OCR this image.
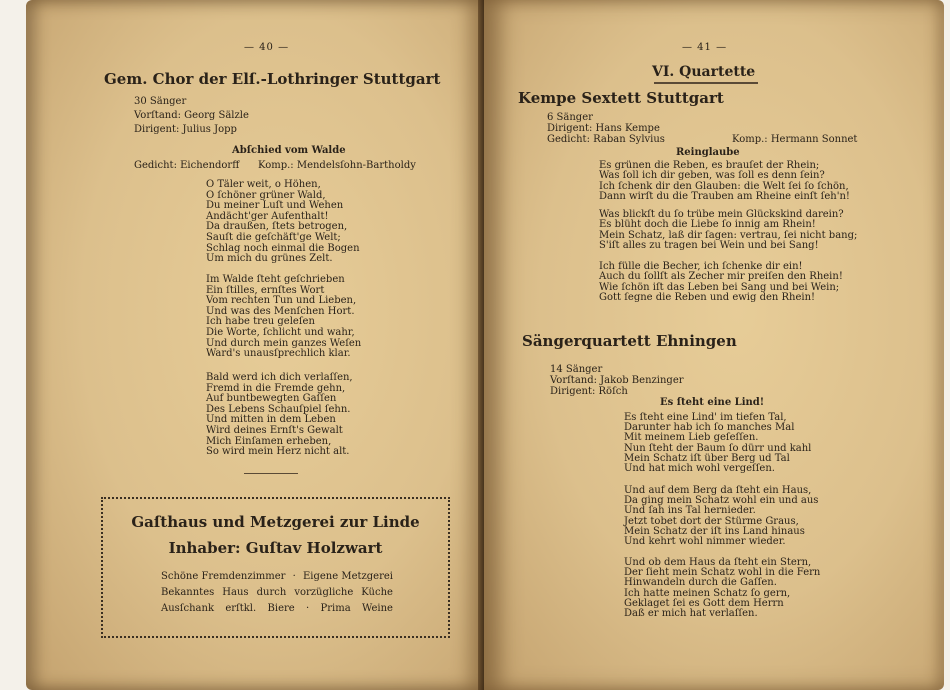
— 40 —
Gem. Chor der Elſ.-Lothringer Stuttgart
30 Sänger
Vorſtand: Georg Sälzle
Dirigent: Julius Jopp
Abſchied vom Walde
Gedicht: Eichendorff Komp.: Mendelsſohn-Bartholdy
O Täler weit, o Höhen,
O ſchöner grüner Wald,
Du meiner Luſt und Wehen
Andächt'ger Aufenthalt!
Da draußen, ſtets betrogen,
Sauſt die geſchäft'ge Welt;
Schlag noch einmal die Bogen
Um mich du grünes Zelt.
Im Walde ſteht geſchrieben
Ein ſtilles, ernſtes Wort
Vom rechten Tun und Lieben,
Und was des Menſchen Hort.
Ich habe treu geleſen
Die Worte, ſchlicht und wahr,
Und durch mein ganzes Weſen
Ward's unausſprechlich klar.
Bald werd ich dich verlaſſen,
Fremd in die Fremde gehn,
Auf buntbewegten Gaſſen
Des Lebens Schauſpiel ſehn.
Und mitten in dem Leben
Wird deines Ernſt's Gewalt
Mich Einſamen erheben,
So wird mein Herz nicht alt.
Gaſthaus und Metzgerei zur Linde
Inhaber: Guſtav Holzwart
Schöne Fremdenzimmer · Eigene Metzgerei
Bekanntes Haus durch vorzügliche Küche
Ausſchank erſtkl. Biere · Prima Weine
— 41 —
VI. Quartette
Kempe Sextett Stuttgart
6 Sänger
Dirigent: Hans Kempe
Gedicht: Raban Sylvius	Komp.: Hermann Sonnet
Reinglaube
Es grünen die Reben, es brauſet der Rhein;
Was ſoll ich dir geben, was ſoll es denn ſein?
Ich ſchenk dir den Glauben: die Welt ſei ſo ſchön,
Dann wirſt du die Trauben am Rheine einſt ſeh'n!
Was blickſt du ſo trübe mein Glückskind darein?
Es blüht doch die Liebe ſo innig am Rhein!
Mein Schatz, laß dir ſagen: vertrau, ſei nicht bang;
S'iſt alles zu tragen bei Wein und bei Sang!
Ich fülle die Becher, ich ſchenke dir ein!
Auch du ſollſt als Zecher mir preiſen den Rhein!
Wie ſchön iſt das Leben bei Sang und bei Wein;
Gott ſegne die Reben und ewig den Rhein!
Sängerquartett Ehningen
14 Sänger
Vorſtand: Jakob Benzinger
Dirigent: Röſch
Es ſteht eine Lind!
Es ſteht eine Lind' im tiefen Tal,
Darunter hab ich ſo manches Mal
Mit meinem Lieb geſeſſen.
Nun ſteht der Baum ſo dürr und kahl
Mein Schatz iſt über Berg ud Tal
Und hat mich wohl vergeſſen.
Und auf dem Berg da ſteht ein Haus,
Da ging mein Schatz wohl ein und aus
Und ſah ins Tal hernieder.
Jetzt tobet dort der Stürme Graus,
Mein Schatz der iſt ins Land hinaus
Und kehrt wohl nimmer wieder.
Und ob dem Haus da ſteht ein Stern,
Der ſieht mein Schatz wohl in die Fern
Hinwandeln durch die Gaſſen.
Ich hatte meinen Schatz ſo gern,
Geklaget ſei es Gott dem Herrn
Daß er mich hat verlaſſen.
